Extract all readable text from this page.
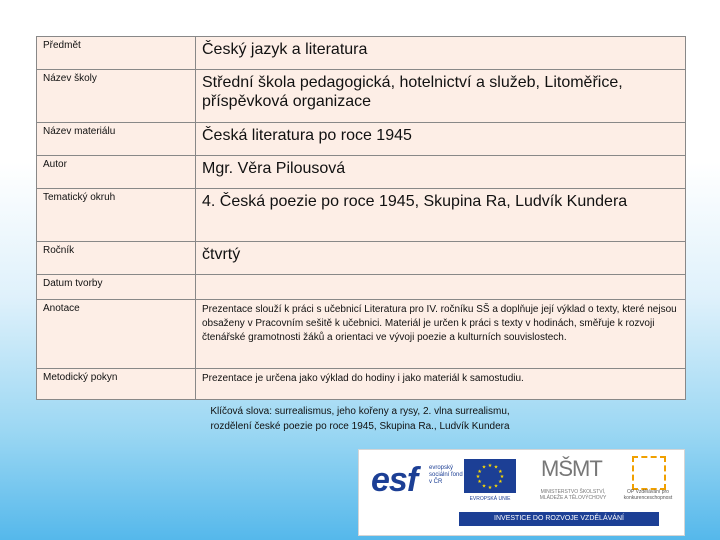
Předmět	Český jazyk a literatura
Název školy	Střední škola pedagogická, hotelnictví a služeb, Litoměřice, příspěvková organizace
Název materiálu	Česká literatura po roce 1945
Autor	Mgr. Věra Pilousová
Tematický okruh	4. Česká poezie po roce 1945, Skupina Ra, Ludvík Kundera
Ročník	čtvrtý
Datum tvorby	
Anotace	Prezentace slouží k práci s učebnicí Literatura pro IV. ročníku SŠ a doplňuje její výklad o texty, které nejsou obsaženy v Pracovním sešitě k učebnici. Materiál je určen k práci s texty v hodinách, směřuje k rozvoji čtenářské gramotnosti žáků a orientaci ve vývoji poezie a kulturních souvislostech.
Metodický pokyn	Prezentace je určena jako výklad do hodiny i jako materiál k samostudiu.
Klíčová slova: surrealismus, jeho kořeny a rysy, 2. vlna surrealismu,
rozdělení české poezie po roce 1945, Skupina Ra., Ludvík Kundera
esf evropský sociální fond v ČR
★ ★
★
★
★
★
★
★
★
★
★
★
EVROPSKÁ UNIE
MŠMT
MINISTERSTVO ŠKOLSTVÍ, MLÁDEŽE A TĚLOVÝCHOVY
OP Vzdělávání pro konkurenceschopnost
INVESTICE DO ROZVOJE VZDĚLÁVÁNÍ
